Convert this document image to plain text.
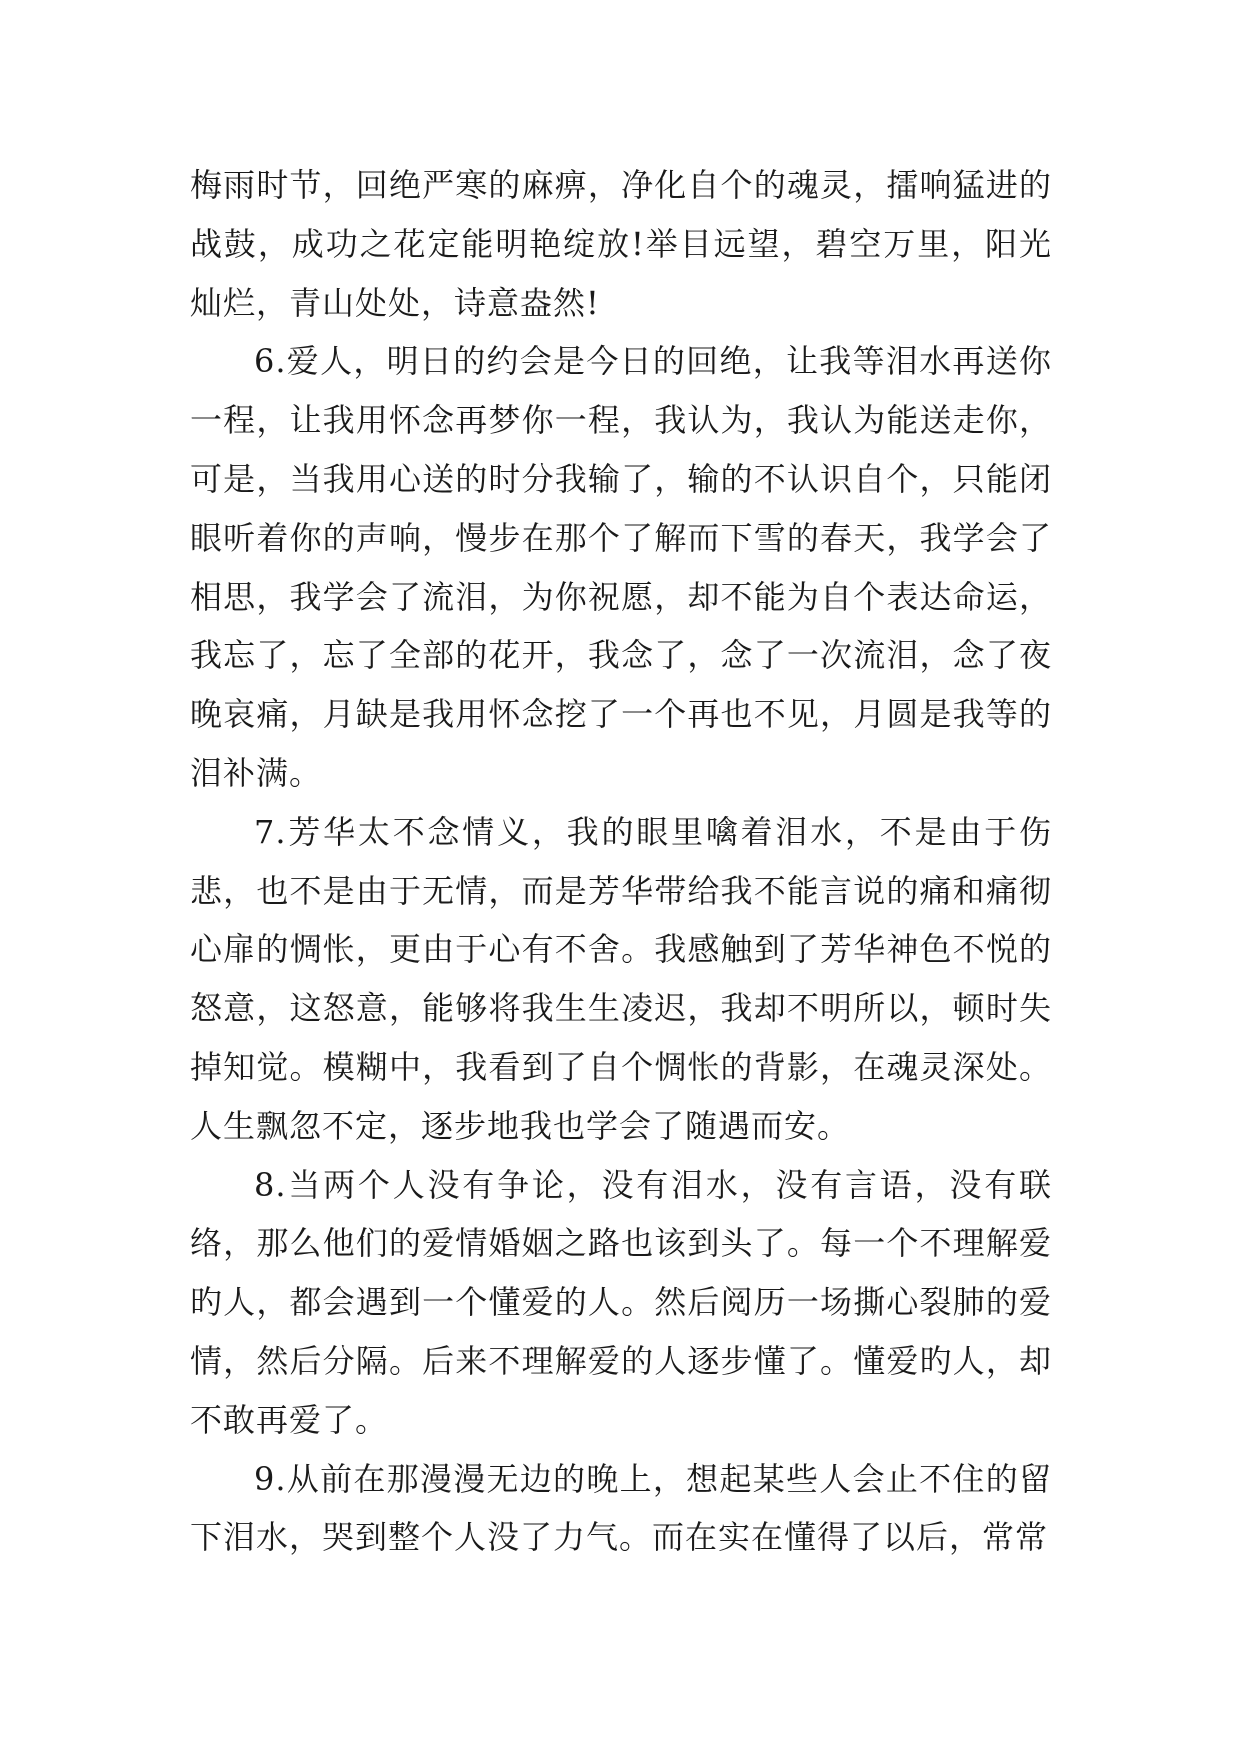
梅雨时节，回绝严寒的麻痹，净化自个的魂灵，擂响猛进的战鼓，成功之花定能明艳绽放!举目远望，碧空万里，阳光灿烂，青山处处，诗意盎然!

6.爱人，明日的约会是今日的回绝，让我等泪水再送你一程，让我用怀念再梦你一程，我认为，我认为能送走你，可是，当我用心送的时分我输了，输的不认识自个，只能闭眼听着你的声响，慢步在那个了解而下雪的春天，我学会了相思，我学会了流泪，为你祝愿，却不能为自个表达命运，我忘了，忘了全部的花开，我念了，念了一次流泪，念了夜晚哀痛，月缺是我用怀念挖了一个再也不见，月圆是我等的泪补满。

7.芳华太不念情义，我的眼里噙着泪水，不是由于伤悲，也不是由于无情，而是芳华带给我不能言说的痛和痛彻心扉的惆怅，更由于心有不舍。我感触到了芳华神色不悦的怒意，这怒意，能够将我生生凌迟，我却不明所以，顿时失掉知觉。模糊中，我看到了自个惆怅的背影，在魂灵深处。人生飘忽不定，逐步地我也学会了随遇而安。

8.当两个人没有争论，没有泪水，没有言语，没有联络，那么他们的爱情婚姻之路也该到头了。每一个不理解爱旳人，都会遇到一个懂爱的人。然后阅历一场撕心裂肺的爱情，然后分隔。后来不理解爱的人逐步懂了。懂爱旳人，却不敢再爱了。

9.从前在那漫漫无边的晚上，想起某些人会止不住的留下泪水，哭到整个人没了力气。而在实在懂得了以后，常常
